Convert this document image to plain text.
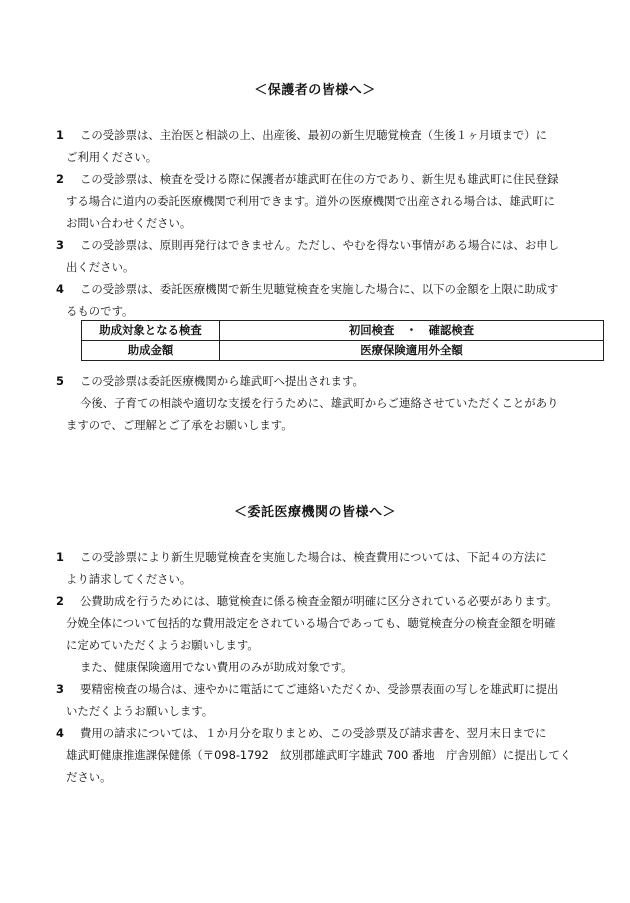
＜保護者の皆様へ＞
1	この受診票は、主治医と相談の上、出産後、最初の新生児聴覚検査（生後１ヶ月頃まで）に
ご利用ください。
2	この受診票は、検査を受ける際に保護者が雄武町在住の方であり、新生児も雄武町に住民登録
する場合に道内の委託医療機関で利用できます。道外の医療機関で出産される場合は、雄武町に
お問い合わせください。
3	この受診票は、原則再発行はできません。ただし、やむを得ない事情がある場合には、お申し
出ください。
4	この受診票は、委託医療機関で新生児聴覚検査を実施した場合に、以下の金額を上限に助成す
るものです。
助成対象となる検査	初回検査　・　確認検査
助成金額	医療保険適用外全額
5	この受診票は委託医療機関から雄武町へ提出されます。
今後、子育ての相談や適切な支援を行うために、雄武町からご連絡させていただくことがあり
ますので、ご理解とご了承をお願いします。
＜委託医療機関の皆様へ＞
1	この受診票により新生児聴覚検査を実施した場合は、検査費用については、下記４の方法に
より請求してください。
2	公費助成を行うためには、聴覚検査に係る検査金額が明確に区分されている必要があります。
分娩全体について包括的な費用設定をされている場合であっても、聴覚検査分の検査金額を明確
に定めていただくようお願いします。
また、健康保険適用でない費用のみが助成対象です。
3	要精密検査の場合は、速やかに電話にてご連絡いただくか、受診票表面の写しを雄武町に提出
いただくようお願いします。
4	費用の請求については、１か月分を取りまとめ、この受診票及び請求書を、翌月末日までに
雄武町健康推進課保健係（〒098-1792　紋別郡雄武町字雄武 700 番地　庁舎別館）に提出してく
ださい。
